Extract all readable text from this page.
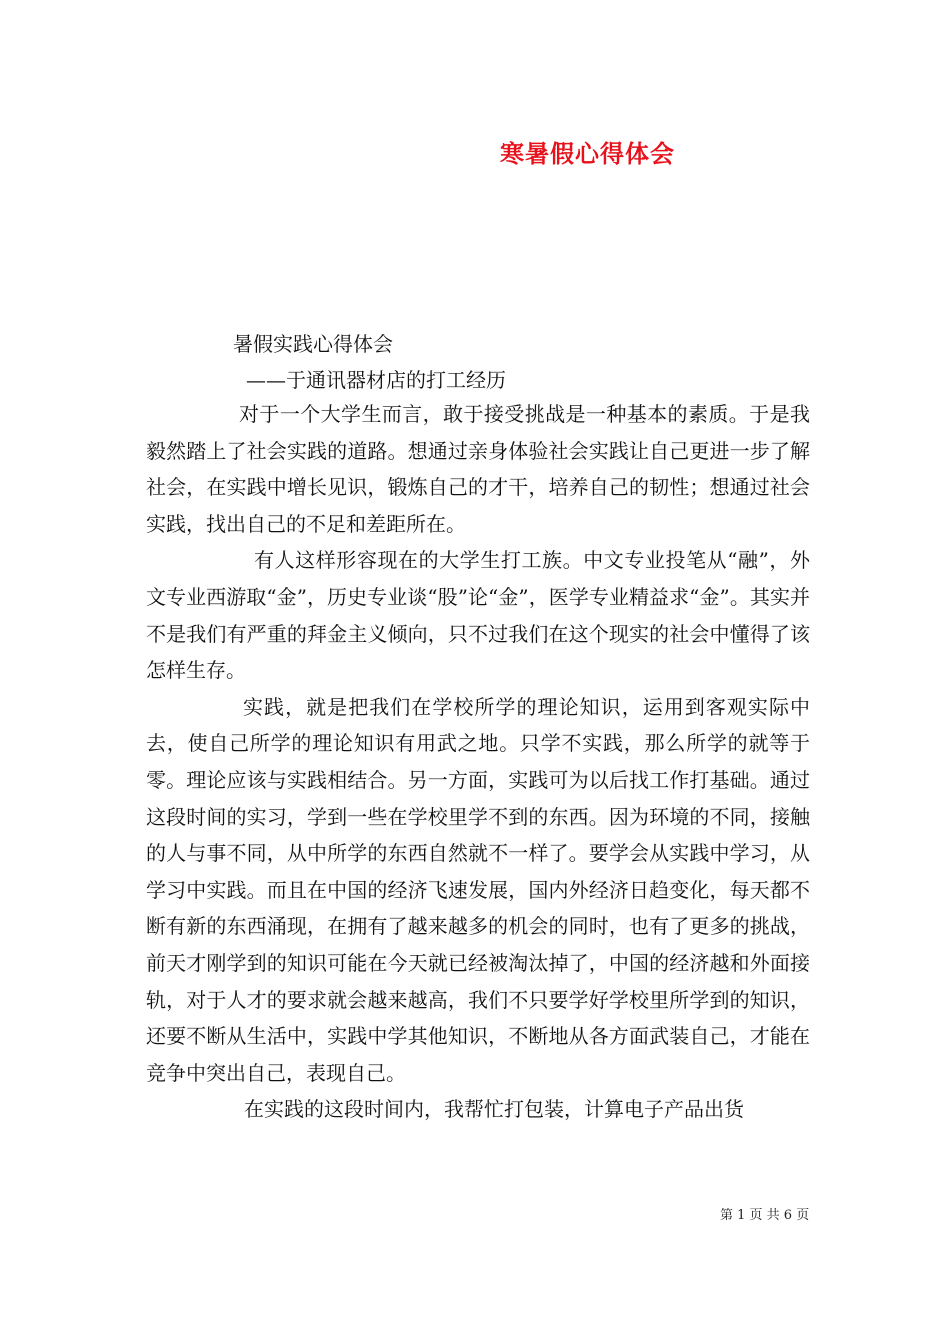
寒暑假心得体会

暑假实践心得体会

——于通讯器材店的打工经历

对于一个大学生而言，敢于接受挑战是一种基本的素质。于是我毅然踏上了社会实践的道路。想通过亲身体验社会实践让自己更进一步了解社会，在实践中增长见识，锻炼自己的才干，培养自己的韧性；想通过社会实践，找出自己的不足和差距所在。

有人这样形容现在的大学生打工族。中文专业投笔从“融”，外文专业西游取“金”，历史专业谈“股”论“金”，医学专业精益求“金”。其实并不是我们有严重的拜金主义倾向，只不过我们在这个现实的社会中懂得了该怎样生存。

实践，就是把我们在学校所学的理论知识，运用到客观实际中去，使自己所学的理论知识有用武之地。只学不实践，那么所学的就等于零。理论应该与实践相结合。另一方面，实践可为以后找工作打基础。通过这段时间的实习，学到一些在学校里学不到的东西。因为环境的不同，接触的人与事不同，从中所学的东西自然就不一样了。要学会从实践中学习，从学习中实践。而且在中国的经济飞速发展，国内外经济日趋变化，每天都不断有新的东西涌现，在拥有了越来越多的机会的同时，也有了更多的挑战，前天才刚学到的知识可能在今天就已经被淘汰掉了，中国的经济越和外面接轨，对于人才的要求就会越来越高，我们不只要学好学校里所学到的知识，还要不断从生活中，实践中学其他知识，不断地从各方面武装自己，才能在竞争中突出自己，表现自己。

在实践的这段时间内，我帮忙打包装，计算电子产品出货

第 1 页 共 6 页
